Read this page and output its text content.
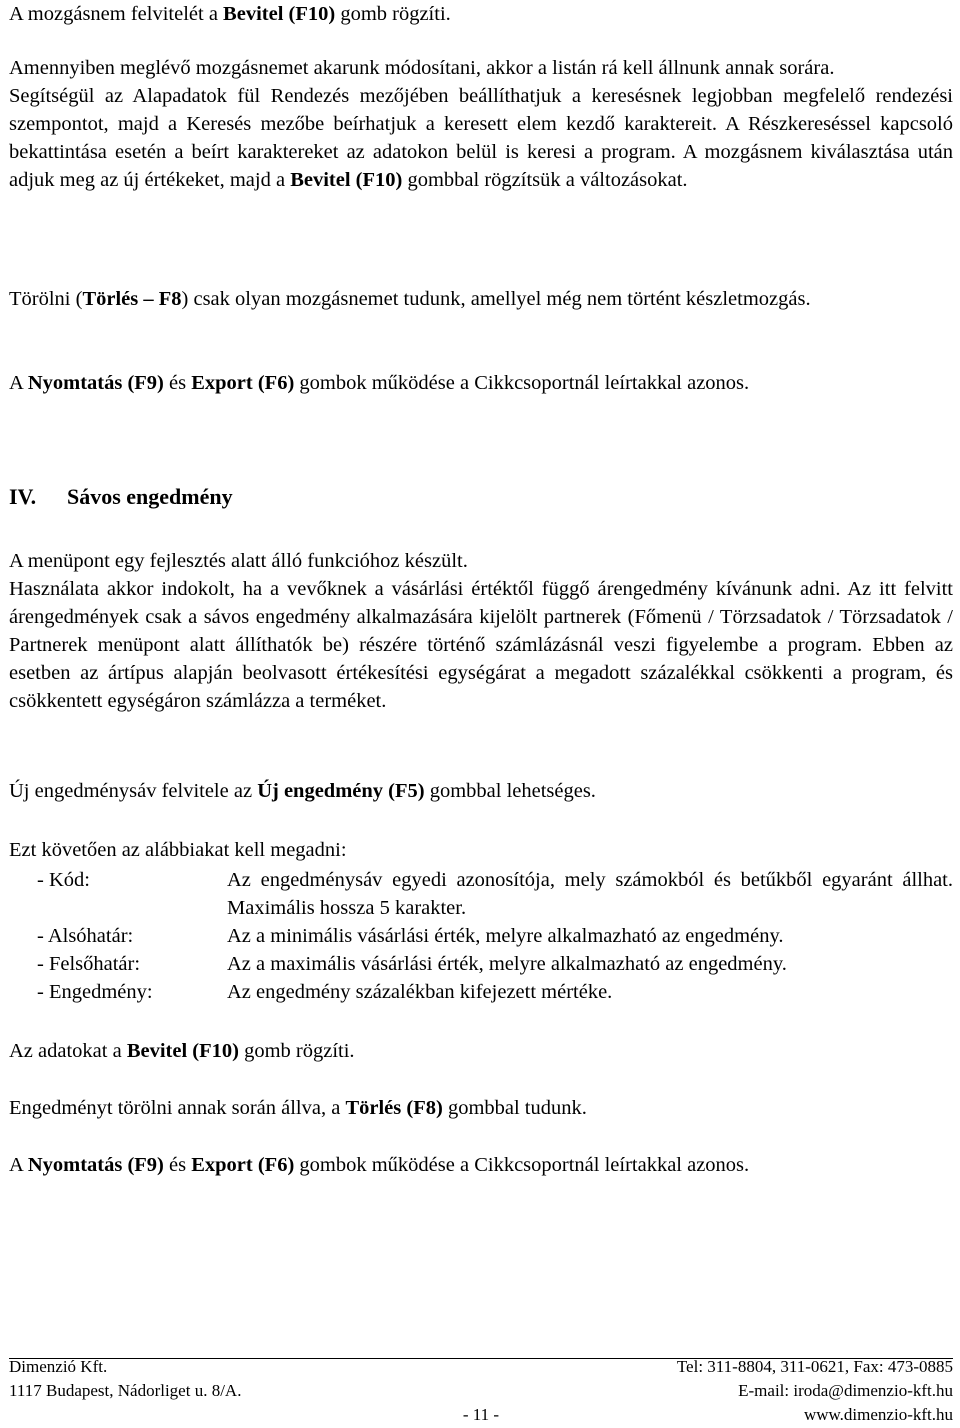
A mozgásnem felvitelét a Bevitel (F10) gomb rögzíti.

Amennyiben meglévő mozgásnemet akarunk módosítani, akkor a listán rá kell állnunk annak sorára.
Segítségül az Alapadatok fül Rendezés mezőjében beállíthatjuk a keresésnek legjobban megfelelő rendezési szempontot, majd a Keresés mezőbe beírhatjuk a keresett elem kezdő karaktereit. A Részkereséssel kapcsoló bekattintása esetén a beírt karaktereket az adatokon belül is keresi a program. A mozgásnem kiválasztása után adjuk meg az új értékeket, majd a Bevitel (F10) gombbal rögzítsük a változásokat.

Törölni (Törlés – F8) csak olyan mozgásnemet tudunk, amellyel még nem történt készletmozgás.

A Nyomtatás (F9) és Export (F6) gombok működése a Cikkcsoportnál leírtakkal azonos.

IV. Sávos engedmény

A menüpont egy fejlesztés alatt álló funkcióhoz készült.
Használata akkor indokolt, ha a vevőknek a vásárlási értéktől függő árengedmény kívánunk adni. Az itt felvitt árengedmények csak a sávos engedmény alkalmazására kijelölt partnerek (Főmenü / Törzsadatok / Törzsadatok / Partnerek menüpont alatt állíthatók be) részére történő számlázásnál veszi figyelembe a program. Ebben az esetben az ártípus alapján beolvasott értékesítési egységárat a megadott százalékkal csökkenti a program, és csökkentett egységáron számlázza a terméket.

Új engedménysáv felvitele az Új engedmény (F5) gombbal lehetséges.

Ezt követően az alábbiakat kell megadni:

- Kód:	Az engedménysáv egyedi azonosítója, mely számokból és betűkből egyaránt állhat. Maximális hossza 5 karakter.
- Alsóhatár:	Az a minimális vásárlási érték, melyre alkalmazható az engedmény.
- Felsőhatár:	Az a maximális vásárlási érték, melyre alkalmazható az engedmény.
- Engedmény:	Az engedmény százalékban kifejezett mértéke.

Az adatokat a Bevitel (F10) gomb rögzíti.

Engedményt törölni annak során állva, a Törlés (F8) gombbal tudunk.

A Nyomtatás (F9) és Export (F6) gombok működése a Cikkcsoportnál leírtakkal azonos.

Dimenzió Kft.	Tel: 311-8804, 311-0621, Fax: 473-0885
1117 Budapest, Nádorliget u. 8/A.	E-mail: iroda@dimenzio-kft.hu
- 11 -	www.dimenzio-kft.hu
